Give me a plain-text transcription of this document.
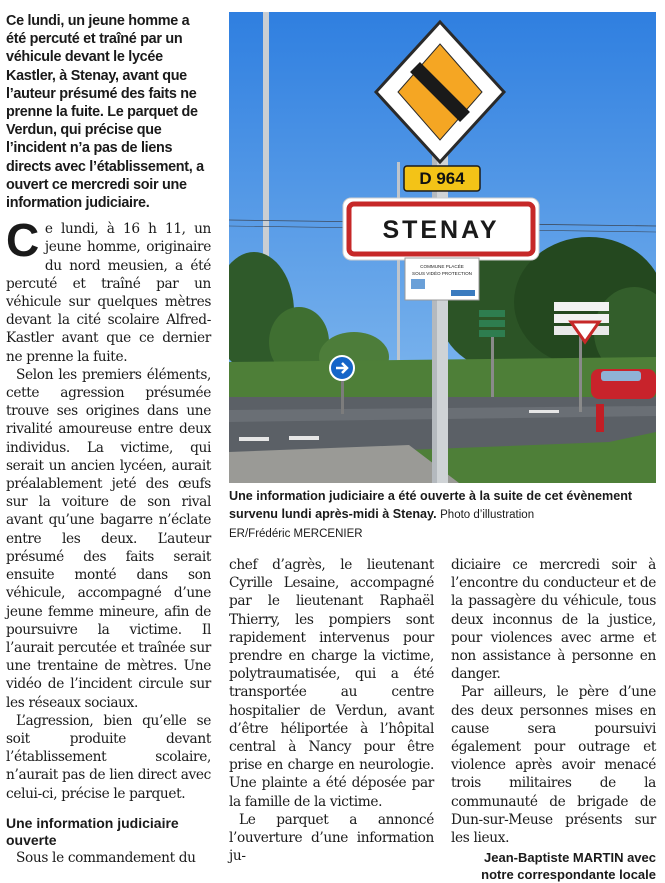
Ce lundi, un jeune homme a été percuté et traîné par un véhicule devant le lycée Kastler, à Stenay, avant que l’auteur présumé des faits ne prenne la fuite. Le parquet de Verdun, qui précise que l’incident n’a pas de liens directs avec l’établissement, a ouvert ce mercredi soir une information judiciaire.

Ce lundi, à 16 h 11, un jeune homme, originaire du nord meusien, a été percuté et traîné par un véhicule sur quelques mètres devant la cité scolaire Alfred-Kastler avant que ce dernier ne prenne la fuite.

Selon les premiers éléments, cette agression présumée trouve ses origines dans une rivalité amoureuse entre deux individus. La victime, qui serait un ancien lycéen, aurait préalablement jeté des œufs sur la voiture de son rival avant qu’une bagarre n’éclate entre les deux. L’auteur présumé des faits serait ensuite monté dans son véhicule, accompagné d’une jeune femme mineure, afin de poursuivre la victime. Il l’aurait percutée et traînée sur une trentaine de mètres. Une vidéo de l’incident circule sur les réseaux sociaux.

L’agression, bien qu’elle se soit produite devant l’établissement scolaire, n’aurait pas de lien direct avec celui-ci, précise le parquet.

Une information judiciaire ouverte

Sous le commandement du

D 964
STENAY
COMMUNE PLACÉE
SOUS VIDÉO PROTECTION
Une information judiciaire a été ouverte à la suite de cet évènement survenu lundi après-midi à Stenay. Photo d’illustration
ER/Frédéric MERCENIER

chef d’agrès, le lieutenant Cyrille Lesaine, accompagné par le lieutenant Raphaël Thierry, les pompiers sont rapidement intervenus pour prendre en charge la victime, polytraumatisée, qui a été transportée au centre hospitalier de Verdun, avant d’être héliportée à l’hôpital central à Nancy pour être prise en charge en neurologie. Une plainte a été déposée par la famille de la victime.

Le parquet a annoncé l’ouverture d’une information ju-

diciaire ce mercredi soir à l’encontre du conducteur et de la passagère du véhicule, tous deux inconnus de la justice, pour violences avec arme et non assistance à personne en danger.

Par ailleurs, le père d’une des deux personnes mises en cause sera poursuivi également pour outrage et violence après avoir menacé trois militaires de la communauté de brigade de Dun-sur-Meuse présents sur les lieux.

Jean-Baptiste MARTIN avec
notre correspondante locale
